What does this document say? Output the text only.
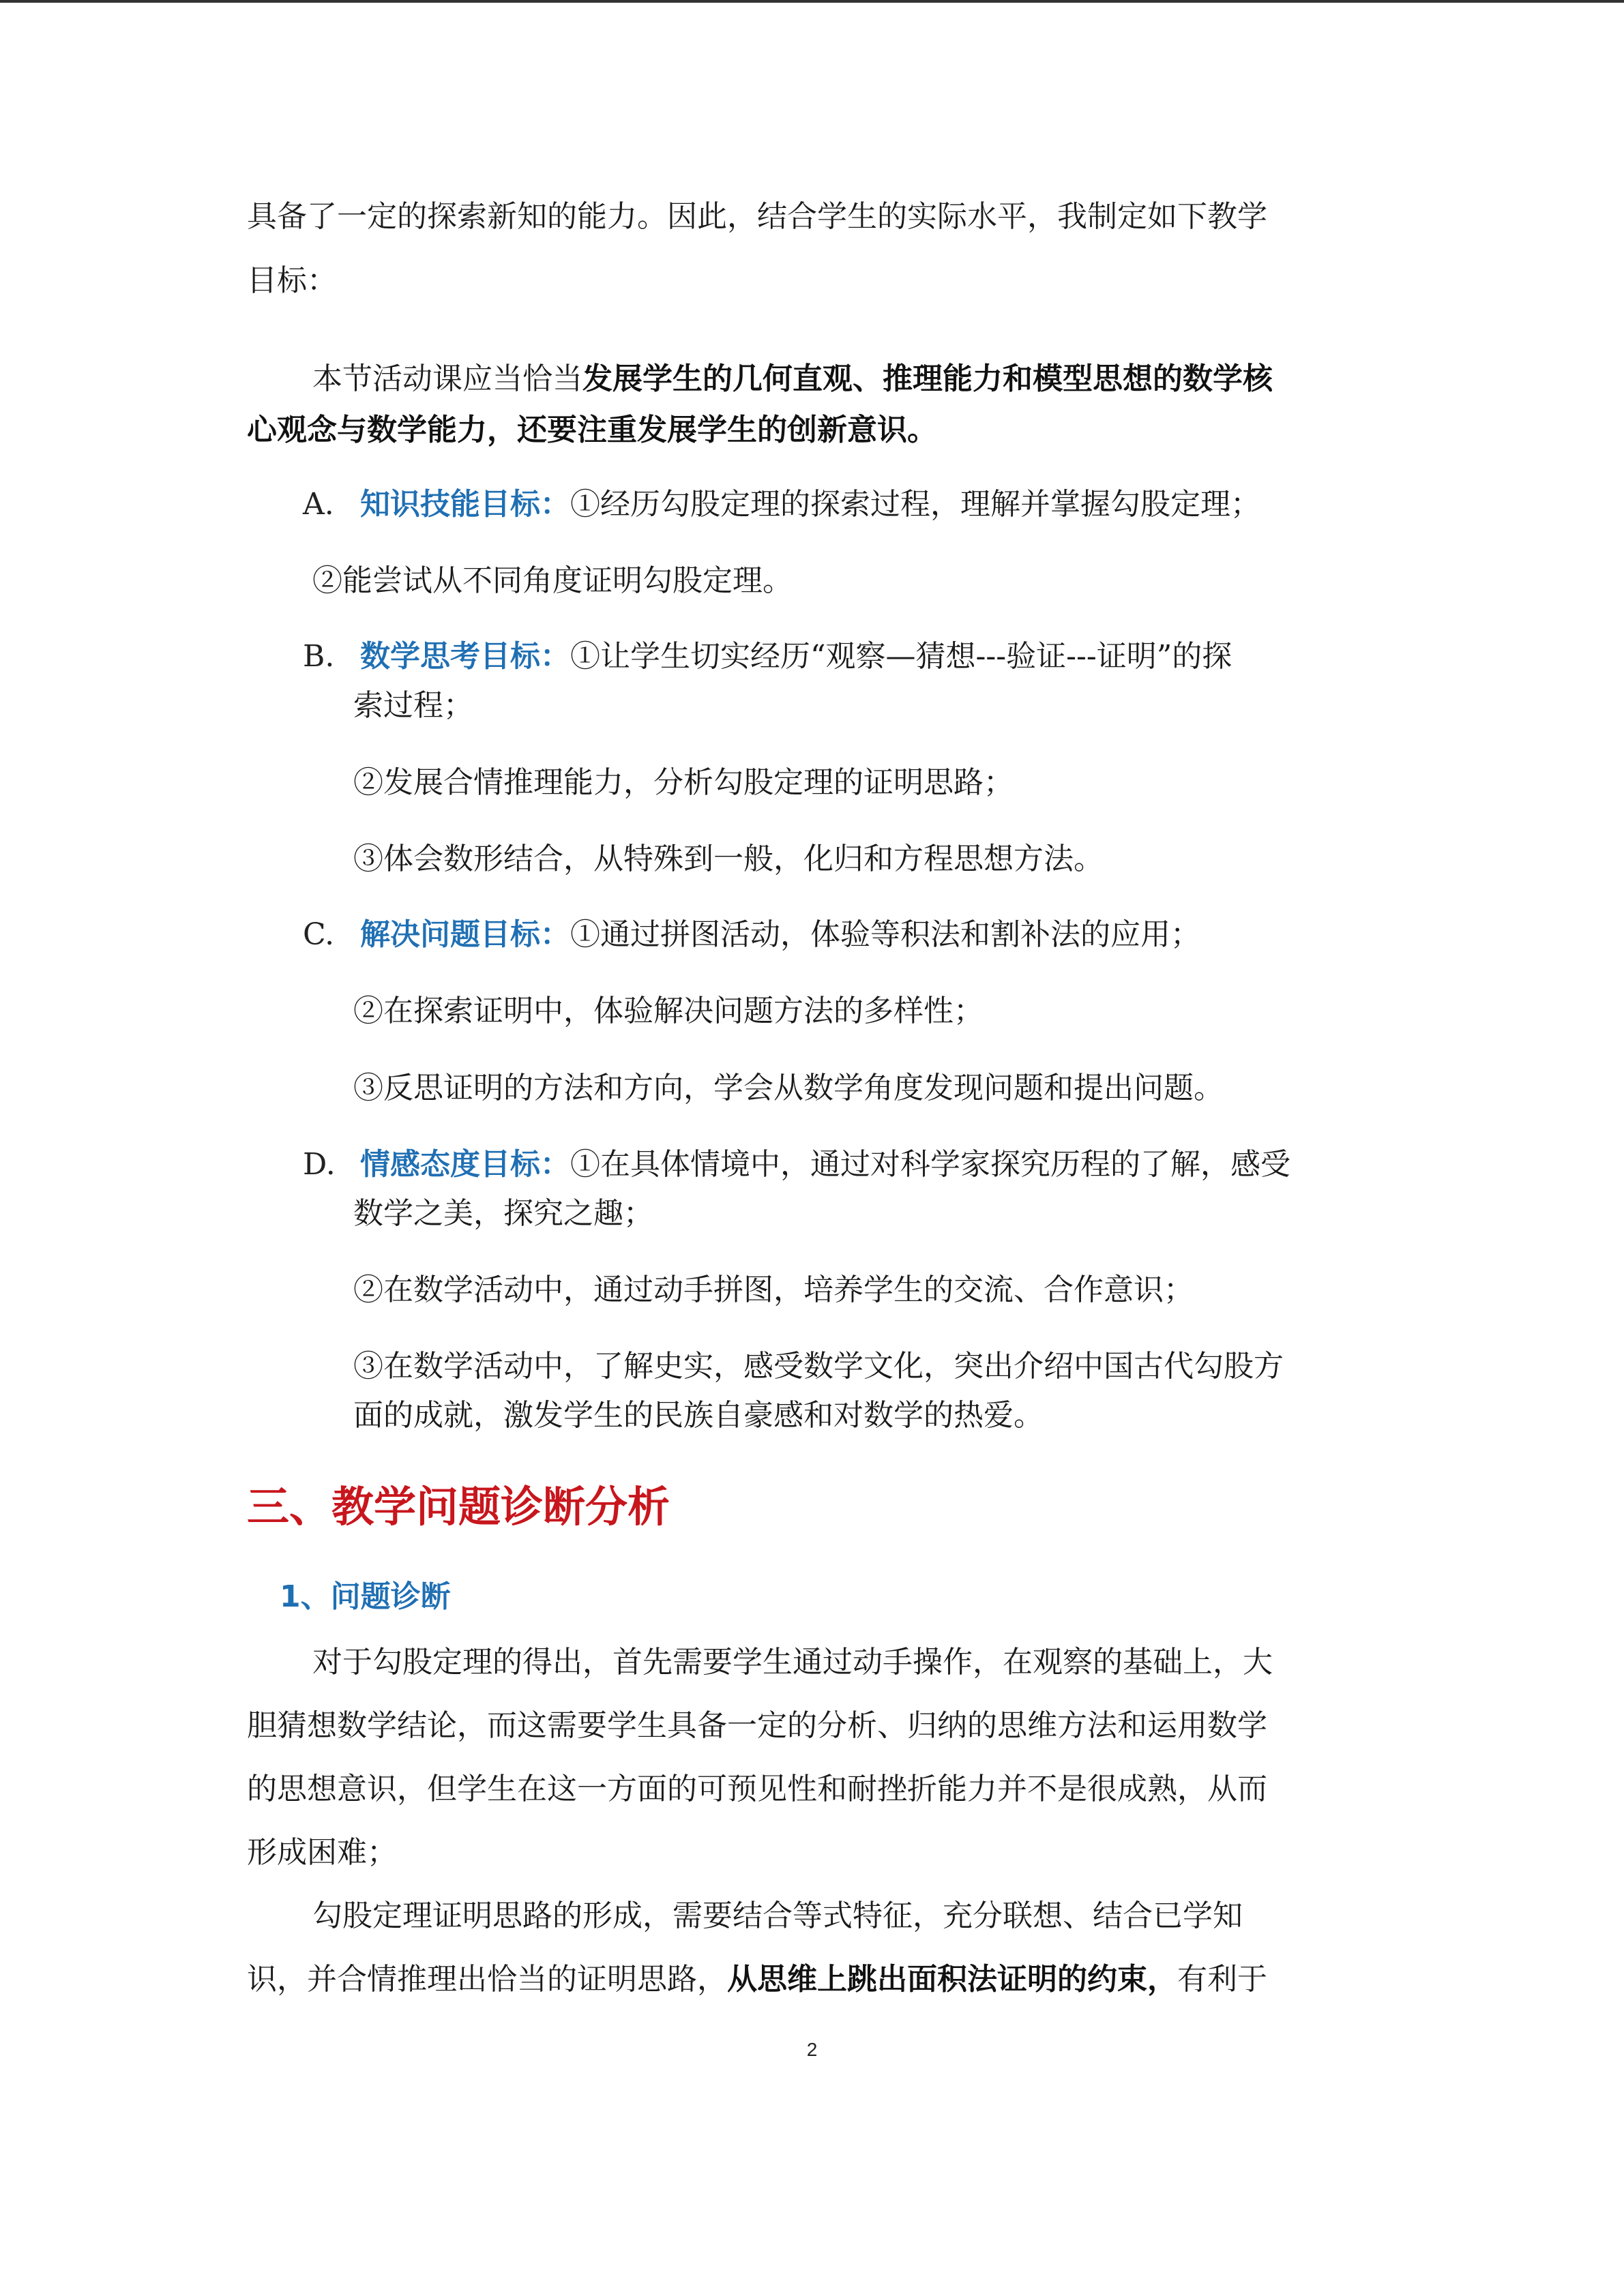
具备了一定的探索新知的能力。因此，结合学生的实际水平，我制定如下教学
目标：
本节活动课应当恰当发展学生的几何直观、推理能力和模型思想的数学核
心观念与数学能力，还要注重发展学生的创新意识。
A. 知识技能目标：①经历勾股定理的探索过程，理解并掌握勾股定理；
②能尝试从不同角度证明勾股定理。
B. 数学思考目标：①让学生切实经历“观察—猜想---验证---证明”的探
索过程；
②发展合情推理能力，分析勾股定理的证明思路；
③体会数形结合，从特殊到一般，化归和方程思想方法。
C. 解决问题目标：①通过拼图活动，体验等积法和割补法的应用；
②在探索证明中，体验解决问题方法的多样性；
③反思证明的方法和方向，学会从数学角度发现问题和提出问题。
D. 情感态度目标：①在具体情境中，通过对科学家探究历程的了解，感受
数学之美，探究之趣；
②在数学活动中，通过动手拼图，培养学生的交流、合作意识；
③在数学活动中，了解史实，感受数学文化，突出介绍中国古代勾股方
面的成就，激发学生的民族自豪感和对数学的热爱。
三、教学问题诊断分析
1、问题诊断
对于勾股定理的得出，首先需要学生通过动手操作，在观察的基础上，大
胆猜想数学结论，而这需要学生具备一定的分析、归纳的思维方法和运用数学
的思想意识，但学生在这一方面的可预见性和耐挫折能力并不是很成熟，从而
形成困难；
勾股定理证明思路的形成，需要结合等式特征，充分联想、结合已学知
识，并合情推理出恰当的证明思路，从思维上跳出面积法证明的约束，有利于
2
